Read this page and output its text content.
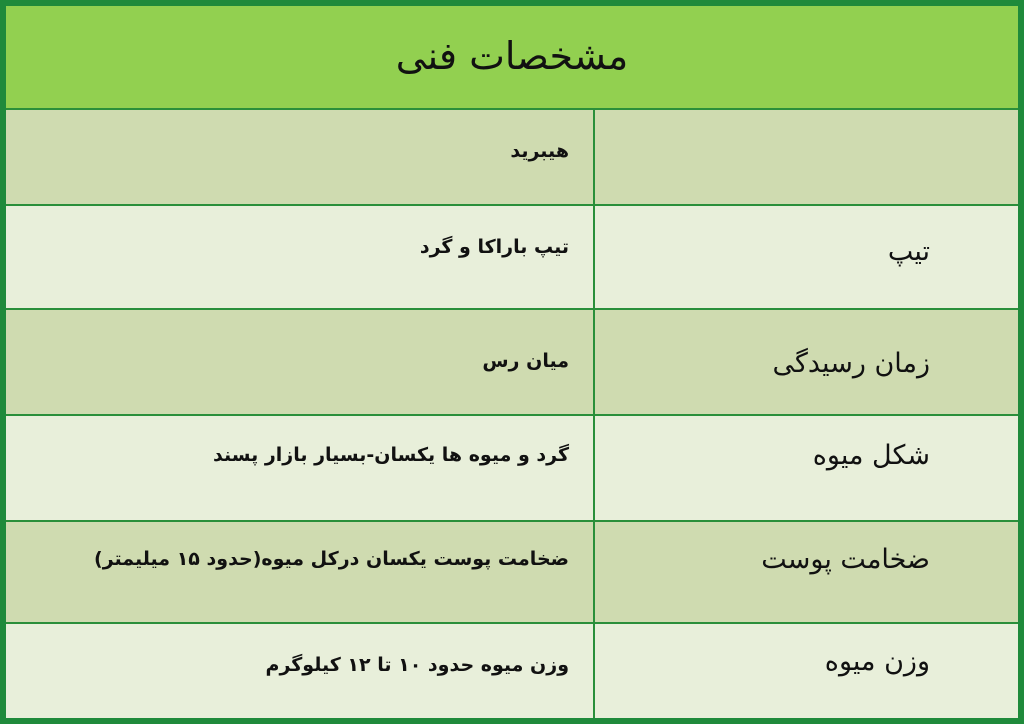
مشخصات فنی
هیبرید
تیپ
تیپ باراکا و گرد
زمان رسیدگی
میان رس
شکل میوه
گرد و میوه ها یکسان-بسیار بازار پسند
ضخامت پوست
ضخامت پوست یکسان درکل میوه(حدود ۱۵ میلیمتر)
وزن میوه
وزن میوه حدود ۱۰ تا ۱۲ کیلوگرم
